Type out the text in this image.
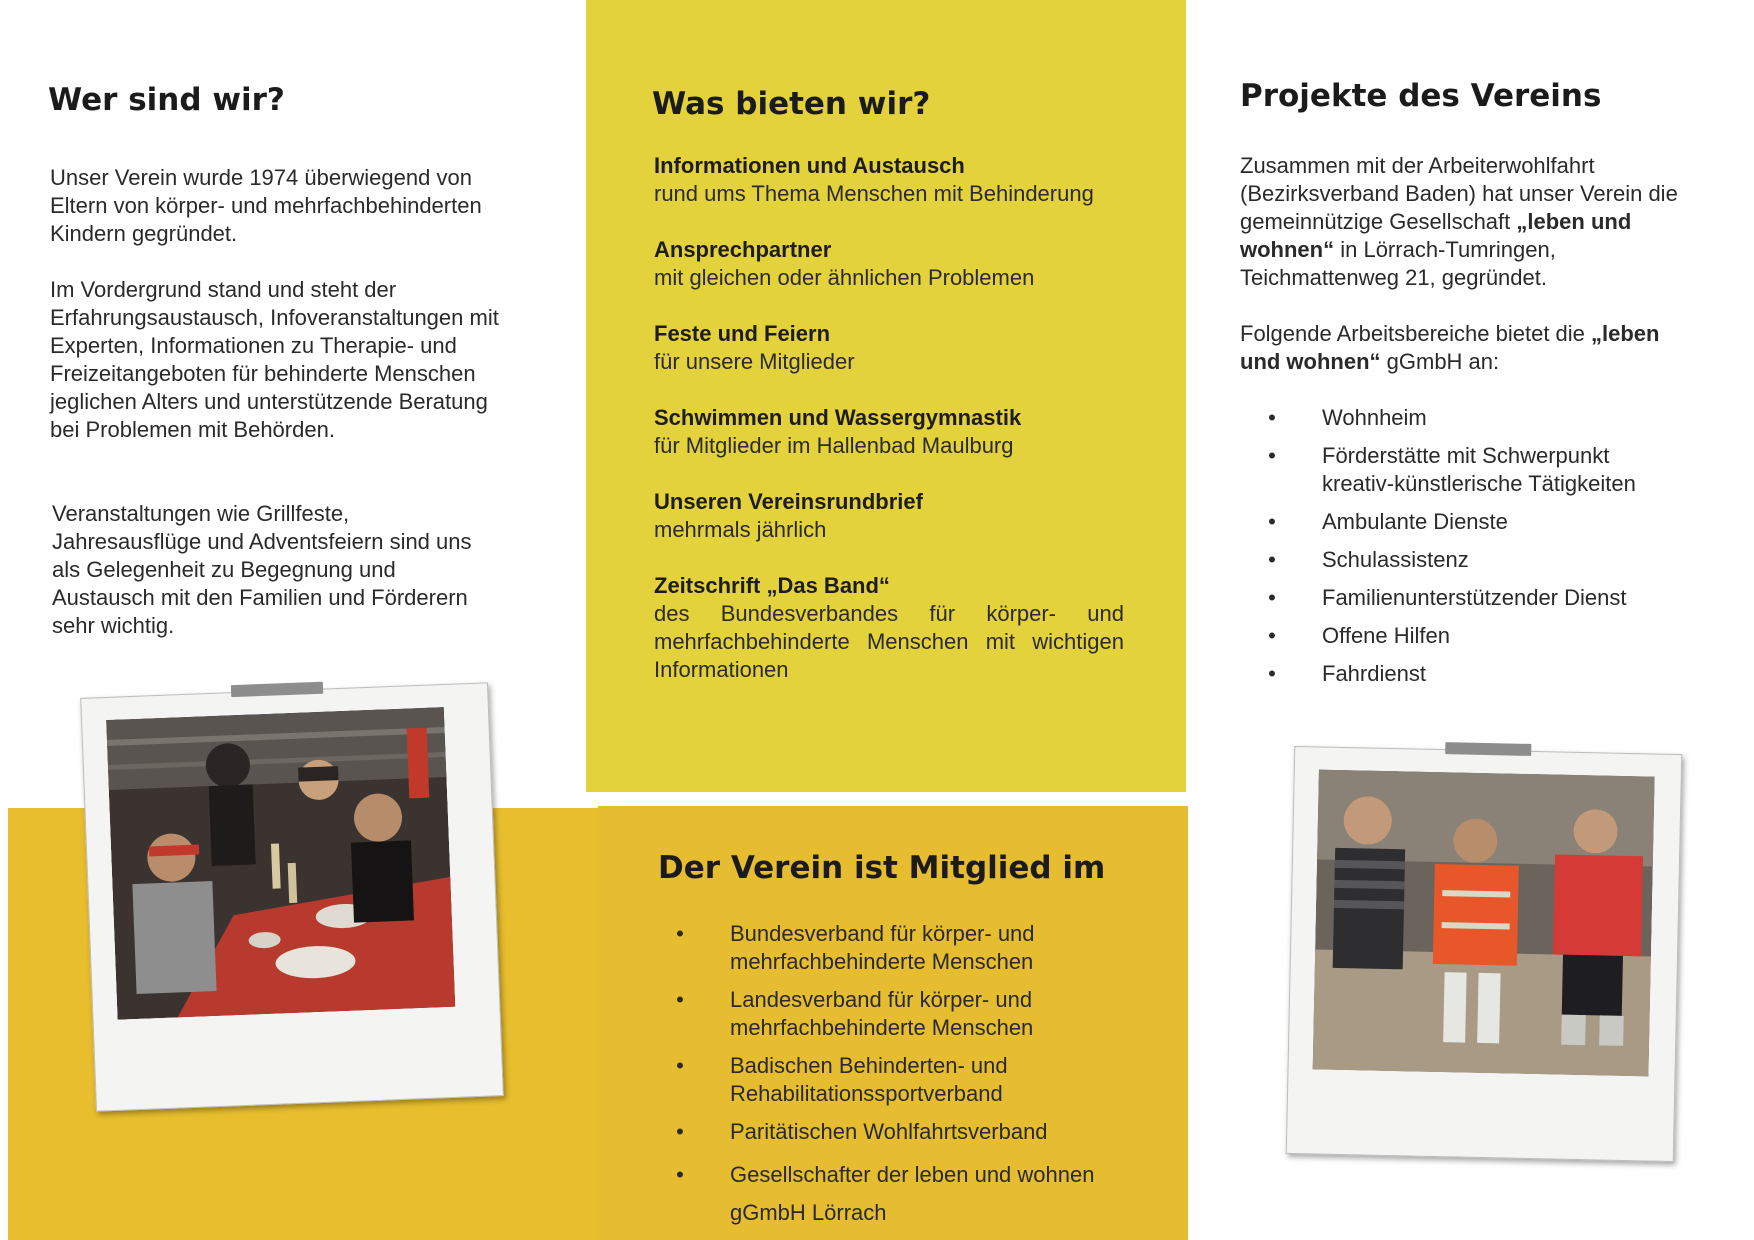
Wer sind wir?

Unser Verein wurde 1974 überwiegend von Eltern von körper- und mehrfachbehinderten Kindern gegründet.

Im Vordergrund stand und steht der Erfahrungsaustausch, Infoveranstaltungen mit Experten, Informationen zu Therapie- und Freizeitangeboten für behinderte Menschen jeglichen Alters und unterstützende Beratung bei Problemen mit Behörden.

Veranstaltungen wie Grillfeste, Jahresausflüge und Adventsfeiern sind uns als Gelegenheit zu Begegnung und Austausch mit den Familien und Förderern sehr wichtig.

Was bieten wir?
Informationen und Austausch
rund ums Thema Menschen mit Behinderung
Ansprechpartner
mit gleichen oder ähnlichen Problemen
Feste und Feiern
für unsere Mitglieder
Schwimmen und Wassergymnastik
für Mitglieder im Hallenbad Maulburg
Unseren Vereinsrundbrief
mehrmals jährlich
Zeitschrift „Das Band“
des Bundesverbandes für körper- und mehrfachbehinderte Menschen mit wichtigen Informationen
Der Verein ist Mitglied im
• Bundesverband für körper- und mehrfachbehinderte Menschen
• Landesverband für körper- und mehrfachbehinderte Menschen
• Badischen Behinderten- und Rehabilitationssportverband
• Paritätischen Wohlfahrtsverband
• Gesellschafter der leben und wohnen gGmbH Lörrach
Projekte des Vereins

Zusammen mit der Arbeiterwohlfahrt (Bezirksverband Baden) hat unser Verein die gemeinnützige Gesellschaft „leben und wohnen“ in Lörrach-Tumringen, Teichmattenweg 21, gegründet.

Folgende Arbeitsbereiche bietet die „leben und wohnen“ gGmbH an:

• Wohnheim
• Förderstätte mit Schwerpunkt kreativ-künstlerische Tätigkeiten
• Ambulante Dienste
• Schulassistenz
• Familienunterstützender Dienst
• Offene Hilfen
• Fahrdienst
